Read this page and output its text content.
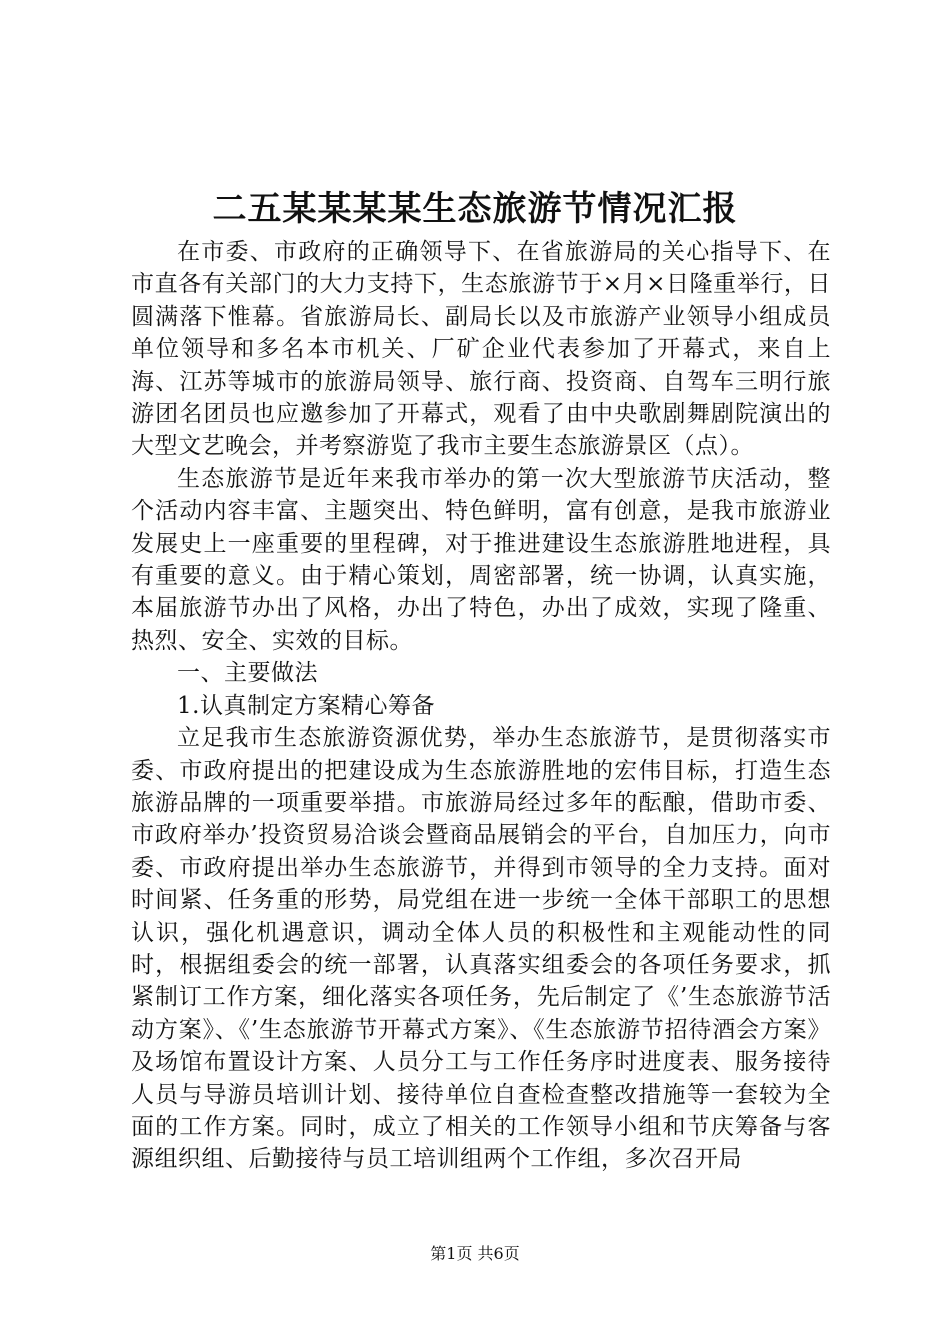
二五某某某某生态旅游节情况汇报

在市委、市政府的正确领导下、在省旅游局的关心指导下、在市直各有关部门的大力支持下，生态旅游节于×月×日隆重举行，日圆满落下惟幕。省旅游局长、副局长以及市旅游产业领导小组成员单位领导和多名本市机关、厂矿企业代表参加了开幕式，来自上海、江苏等城市的旅游局领导、旅行商、投资商、自驾车三明行旅游团名团员也应邀参加了开幕式，观看了由中央歌剧舞剧院演出的大型文艺晚会，并考察游览了我市主要生态旅游景区（点）。

生态旅游节是近年来我市举办的第一次大型旅游节庆活动，整个活动内容丰富、主题突出、特色鲜明，富有创意，是我市旅游业发展史上一座重要的里程碑，对于推进建设生态旅游胜地进程，具有重要的意义。由于精心策划，周密部署，统一协调，认真实施，本届旅游节办出了风格，办出了特色，办出了成效，实现了隆重、热烈、安全、实效的目标。

一、主要做法

1.认真制定方案精心筹备

立足我市生态旅游资源优势，举办生态旅游节，是贯彻落实市委、市政府提出的把建设成为生态旅游胜地的宏伟目标，打造生态旅游品牌的一项重要举措。市旅游局经过多年的酝酿，借助市委、市政府举办’投资贸易洽谈会暨商品展销会的平台，自加压力，向市委、市政府提出举办生态旅游节，并得到市领导的全力支持。面对时间紧、任务重的形势，局党组在进一步统一全体干部职工的思想认识，强化机遇意识，调动全体人员的积极性和主观能动性的同时，根据组委会的统一部署，认真落实组委会的各项任务要求，抓紧制订工作方案，细化落实各项任务，先后制定了《’生态旅游节活动方案》、《’生态旅游节开幕式方案》、《生态旅游节招待酒会方案》及场馆布置设计方案、人员分工与工作任务序时进度表、服务接待人员与导游员培训计划、接待单位自查检查整改措施等一套较为全面的工作方案。同时，成立了相关的工作领导小组和节庆筹备与客源组织组、后勤接待与员工培训组两个工作组，多次召开局

第1页 共6页
